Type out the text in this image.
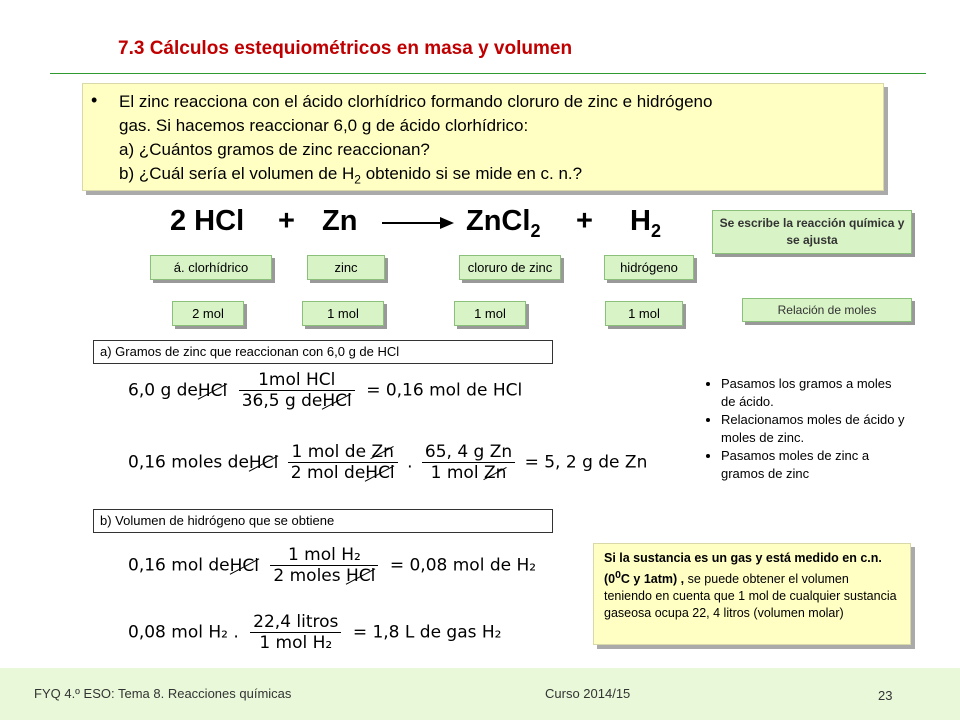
7.3 Cálculos estequiométricos en masa y volumen
• El zinc reacciona con el ácido clorhídrico formando cloruro de zinc e hidrógeno

gas. Si hacemos reaccionar 6,0 g de ácido clorhídrico:

a) ¿Cuántos gramos de zinc reaccionan?

b) ¿Cuál sería el volumen de $H_2$ obtenido si se mide en c. n.?

2 HCl + Zn	ZnCl$_2$ + $H_2$	Se escribe la reacción química y se ajusta
á. clorhídrico	zinc	cloruro de zinc	hidrógeno
2 mol	1 mol	1 mol	1 mol	Relación de moles
a) Gramos de zinc que reaccionan con 6,0 g de HCl
6,0 g deHCl $\frac{\text{1mol HCl}}{\text{36,5 g deHCl}} = 0,16$ mol de HCl
0,16 moles deHCl $\frac{\text{1 mol de Zn}}{\text{2 mol deHCl}}$ . $\frac{\text{65, 4 g Zn}}{\text{1 mol Zn}} = 5$, 2 g de Zn
• Pasamos los gramos a moles de ácido.
• Relacionamos moles de ácido y moles de zinc.
• Pasamos moles de zinc a gramos de zinc
b) Volumen de hidrógeno que se obtiene
0,16 mol deHCl $\frac{\text{1 mol H₂}}{\text{2 moles HCl}} = 0,08$ mol de H₂
0,08 mol H₂ . $\frac{\text{22,4 litros}}{\text{1 mol H₂}} = 1,8$ L de gas H₂
Si la sustancia es un gas y está medido en c.n. ($0^0C$ y 1atm) , se puede obtener el volumen teniendo en cuenta que 1 mol de cualquier sustancia gaseosa ocupa 22, 4 litros (volumen molar)
FYQ 4.º ESO: Tema 8. Reacciones químicas	Curso 2014/15	23
